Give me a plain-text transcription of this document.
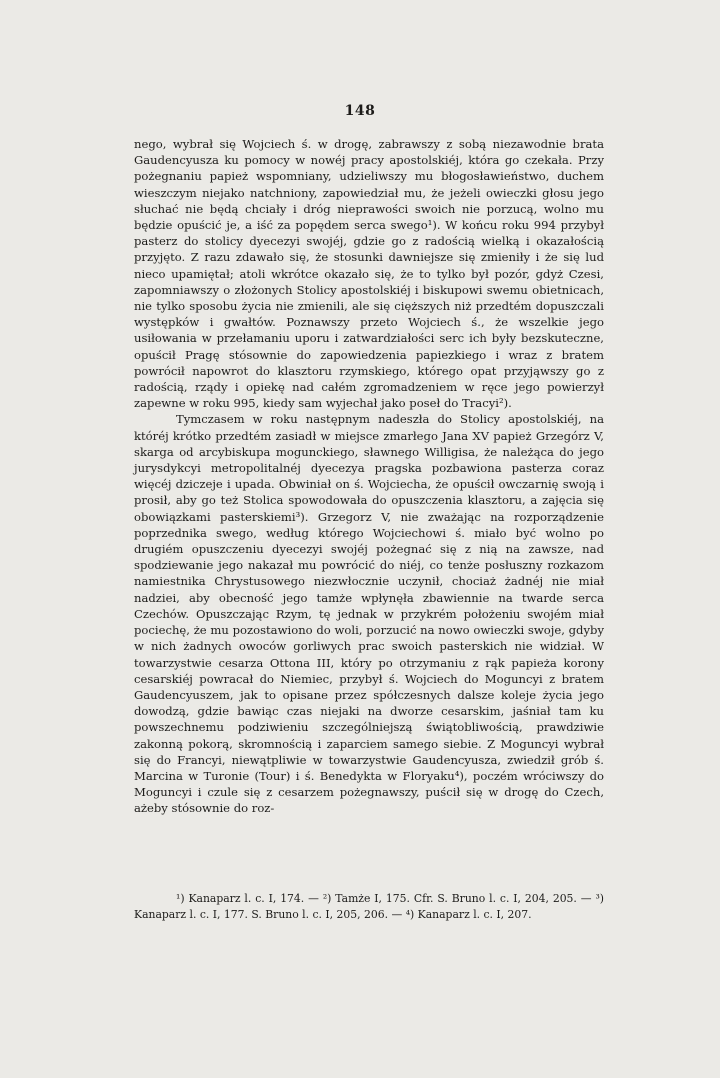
148

nego, wybrał się Wojciech ś. w drogę, zabrawszy z sobą niezawodnie brata Gaudencyusza ku pomocy w nowéj pracy apostolskiéj, która go czekała. Przy pożegnaniu papież wspomniany, udzieliwszy mu błogosławieństwo, duchem wieszczym niejako natchniony, zapowiedział mu, że jeżeli owieczki głosu jego słuchać nie będą chciały i dróg nieprawości swoich nie porzucą, wolno mu będzie opuścić je, a iść za popędem serca swego¹). W końcu roku 994 przybył pasterz do stolicy dyecezyi swojéj, gdzie go z radością wielką i okazałością przyjęto. Z razu zdawało się, że stosunki dawniejsze się zmieniły i że się lud nieco upamiętał; atoli wkrótce okazało się, że to tylko był pozór, gdyż Czesi, zapomniawszy o złożonych Stolicy apostolskiéj i biskupowi swemu obietnicach, nie tylko sposobu życia nie zmienili, ale się cięższych niż przedtém dopuszczali występków i gwałtów. Poznawszy przeto Wojciech ś., że wszelkie jego usiłowania w przełamaniu uporu i zatwardziałości serc ich były bezskuteczne, opuścił Pragę stósownie do zapowiedzenia papiezkiego i wraz z bratem powrócił napowrot do klasztoru rzymskiego, którego opat przyjąwszy go z radością, rządy i opiekę nad całém zgromadzeniem w ręce jego powierzył zapewne w roku 995, kiedy sam wyjechał jako poseł do Tracyi²).

Tymczasem w roku następnym nadeszła do Stolicy apostolskiéj, na któréj krótko przedtém zasiadł w miejsce zmarłego Jana XV papież Grzegórz V, skarga od arcybiskupa mogunckiego, sławnego Willigisa, że należąca do jego jurysdykcyi metropolitalnéj dyecezya pragska pozbawiona pasterza coraz więcéj dziczeje i upada. Obwiniał on ś. Wojciecha, że opuścił owczarnię swoją i prosił, aby go też Stolica spowodowała do opuszczenia klasztoru, a zajęcia się obowiązkami pasterskiemi³). Grzegorz V, nie zważając na rozporządzenie poprzednika swego, według którego Wojciechowi ś. miało być wolno po drugiém opuszczeniu dyecezyi swojéj pożegnać się z nią na zawsze, nad spodziewanie jego nakazał mu powrócić do niéj, co tenże posłuszny rozkazom namiestnika Chrystusowego niezwłocznie uczynił, chociaż żadnéj nie miał nadziei, aby obecność jego tamże wpłynęła zbawiennie na twarde serca Czechów. Opuszczając Rzym, tę jednak w przykrém położeniu swojém miał pociechę, że mu pozostawiono do woli, porzucić na nowo owieczki swoje, gdyby w nich żadnych owoców gorliwych prac swoich pasterskich nie widział. W towarzystwie cesarza Ottona III, który po otrzymaniu z rąk papieża korony cesarskiéj powracał do Niemiec, przybył ś. Wojciech do Moguncyi z bratem Gaudencyuszem, jak to opisane przez spółczesnych dalsze koleje życia jego dowodzą, gdzie bawiąc czas niejaki na dworze cesarskim, jaśniał tam ku powszechnemu podziwieniu szczególniejszą świątobliwością, prawdziwie zakonną pokorą, skromnością i zaparciem samego siebie. Z Moguncyi wybrał się do Francyi, niewątpliwie w towarzystwie Gaudencyusza, zwiedził grób ś. Marcina w Turonie (Tour) i ś. Benedykta w Floryaku⁴), poczém wróciwszy do Moguncyi i czule się z cesarzem pożegnawszy, puścił się w drogę do Czech, ażeby stósownie do roz-

¹) Kanaparz l. c. I, 174. — ²) Tamże I, 175. Cfr. S. Bruno l. c. I, 204, 205. — ³) Kanaparz l. c. I, 177. S. Bruno l. c. I, 205, 206. — ⁴) Kanaparz l. c. I, 207.
